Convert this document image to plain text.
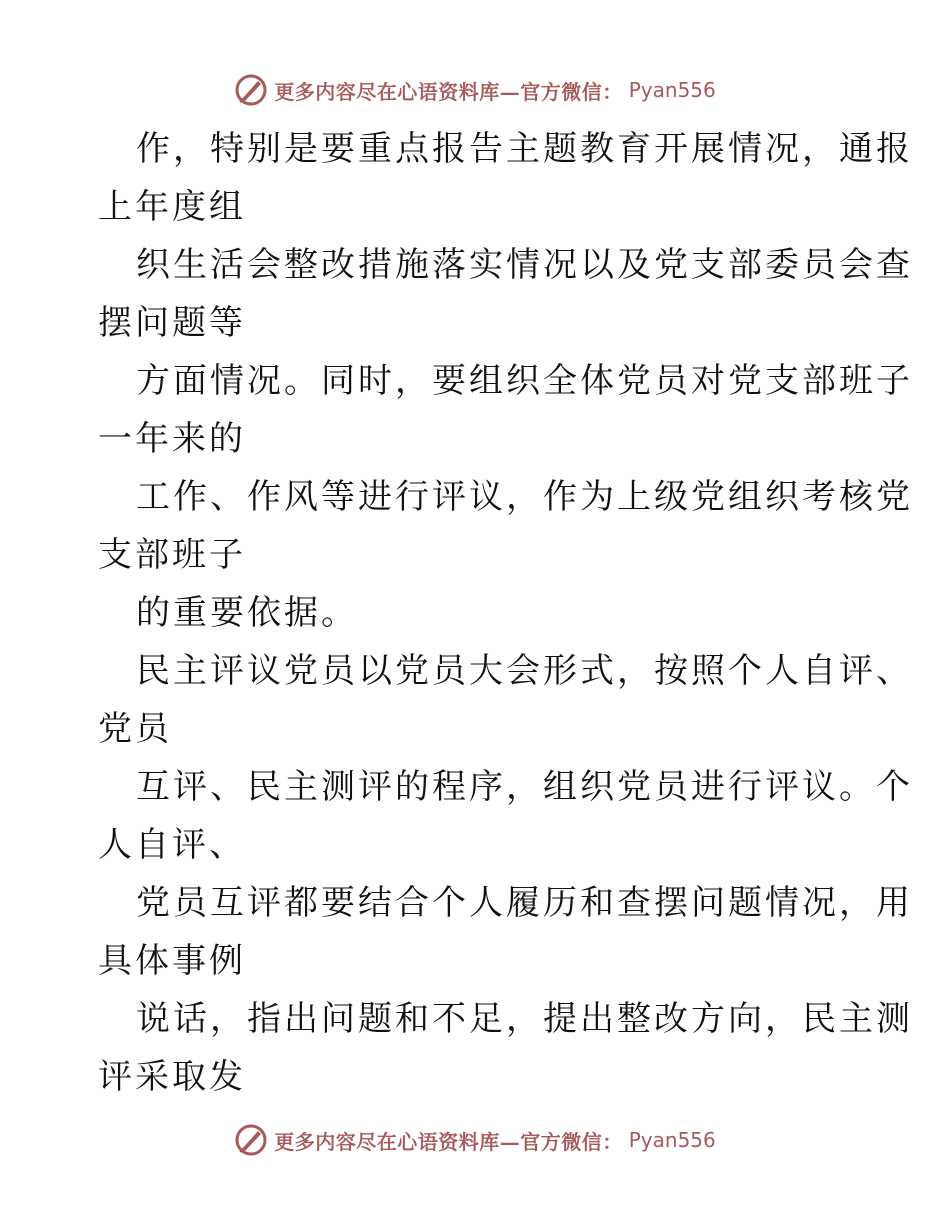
更多内容尽在心语资料库—官方微信： Pyan556

作，特别是要重点报告主题教育开展情况，通报
上年度组

织生活会整改措施落实情况以及党支部委员会查
摆问题等

方面情况。同时，要组织全体党员对党支部班子
一年来的

工作、作风等进行评议，作为上级党组织考核党
支部班子

的重要依据。

民主评议党员以党员大会形式，按照个人自评、
党员

互评、民主测评的程序，组织党员进行评议。个
人自评、

党员互评都要结合个人履历和查摆问题情况，用
具体事例

说话，指出问题和不足，提出整改方向，民主测
评采取发

更多内容尽在心语资料库—官方微信： Pyan556
